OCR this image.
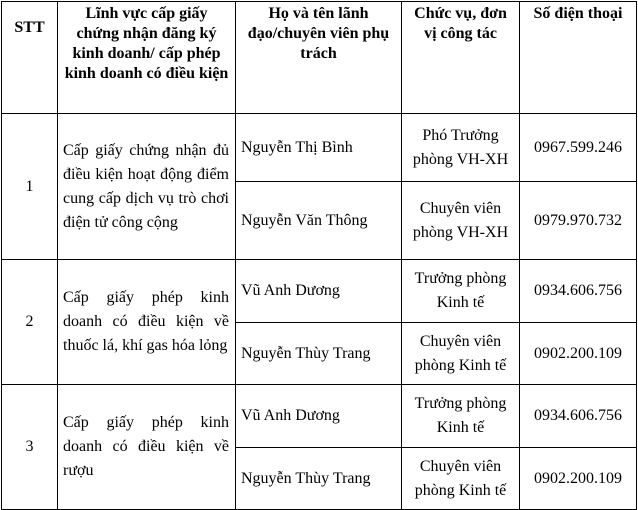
STT	Lĩnh vực cấp giấy chứng nhận đăng ký kinh doanh/ cấp phép kinh doanh có điều kiện	Họ và tên lãnh đạo/chuyên viên phụ trách	Chức vụ, đơn vị công tác	Số điện thoại
1	Cấp giấy chứng nhận đủ điều kiện hoạt động điểm cung cấp dịch vụ trò chơi điện tử công cộng	Nguyễn Thị Bình	Phó Trưởng phòng VH-XH	0967.599.246
		Nguyễn Văn Thông	Chuyên viên phòng VH-XH	0979.970.732
2	Cấp giấy phép kinh doanh có điều kiện về thuốc lá, khí gas hóa lỏng	Vũ Anh Dương	Trưởng phòng Kinh tế	0934.606.756
		Nguyễn Thùy Trang	Chuyên viên phòng Kinh tế	0902.200.109
3	Cấp giấy phép kinh doanh có điều kiện về rượu	Vũ Anh Dương	Trưởng phòng Kinh tế	0934.606.756
		Nguyễn Thùy Trang	Chuyên viên phòng Kinh tế	0902.200.109
